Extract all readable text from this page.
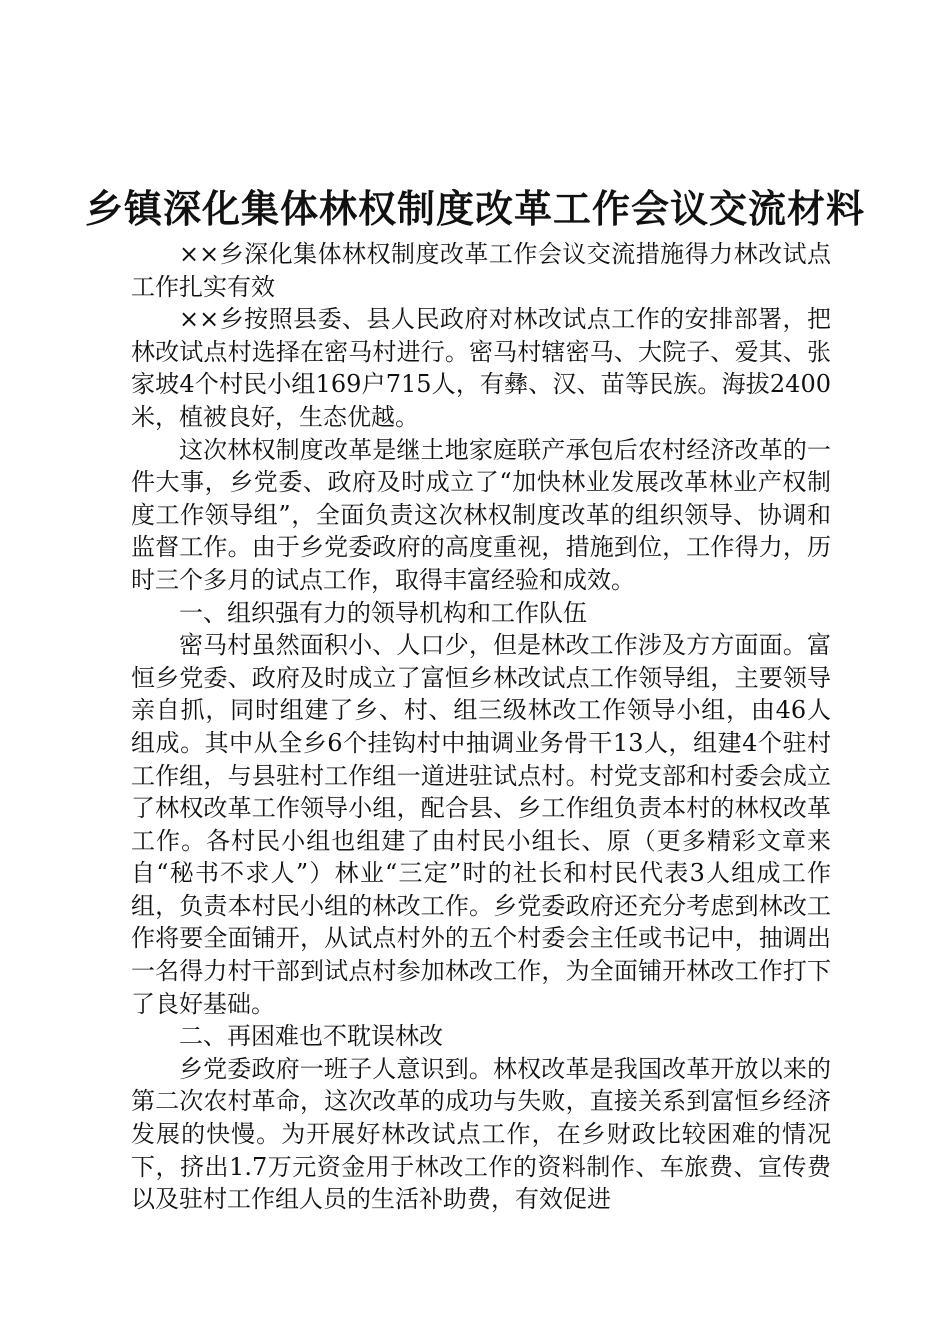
乡镇深化集体林权制度改革工作会议交流材料

××乡深化集体林权制度改革工作会议交流措施得力林改试点工作扎实有效

××乡按照县委、县人民政府对林改试点工作的安排部署，把林改试点村选择在密马村进行。密马村辖密马、大院子、爱其、张家坡4个村民小组169户715人，有彝、汉、苗等民族。海拔2400米，植被良好，生态优越。

这次林权制度改革是继土地家庭联产承包后农村经济改革的一件大事，乡党委、政府及时成立了“加快林业发展改革林业产权制度工作领导组”，全面负责这次林权制度改革的组织领导、协调和监督工作。由于乡党委政府的高度重视，措施到位，工作得力，历时三个多月的试点工作，取得丰富经验和成效。

一、组织强有力的领导机构和工作队伍

密马村虽然面积小、人口少，但是林改工作涉及方方面面。富恒乡党委、政府及时成立了富恒乡林改试点工作领导组，主要领导亲自抓，同时组建了乡、村、组三级林改工作领导小组，由46人组成。其中从全乡6个挂钩村中抽调业务骨干13人，组建4个驻村工作组，与县驻村工作组一道进驻试点村。村党支部和村委会成立了林权改革工作领导小组，配合县、乡工作组负责本村的林权改革工作。各村民小组也组建了由村民小组长、原（更多精彩文章来自“秘书不求人”）林业“三定”时的社长和村民代表3人组成工作组，负责本村民小组的林改工作。乡党委政府还充分考虑到林改工作将要全面铺开，从试点村外的五个村委会主任或书记中，抽调出一名得力村干部到试点村参加林改工作，为全面铺开林改工作打下了良好基础。

二、再困难也不耽误林改

乡党委政府一班子人意识到。林权改革是我国改革开放以来的第二次农村革命，这次改革的成功与失败，直接关系到富恒乡经济发展的快慢。为开展好林改试点工作，在乡财政比较困难的情况下，挤出1.7万元资金用于林改工作的资料制作、车旅费、宣传费以及驻村工作组人员的生活补助费，有效促进
